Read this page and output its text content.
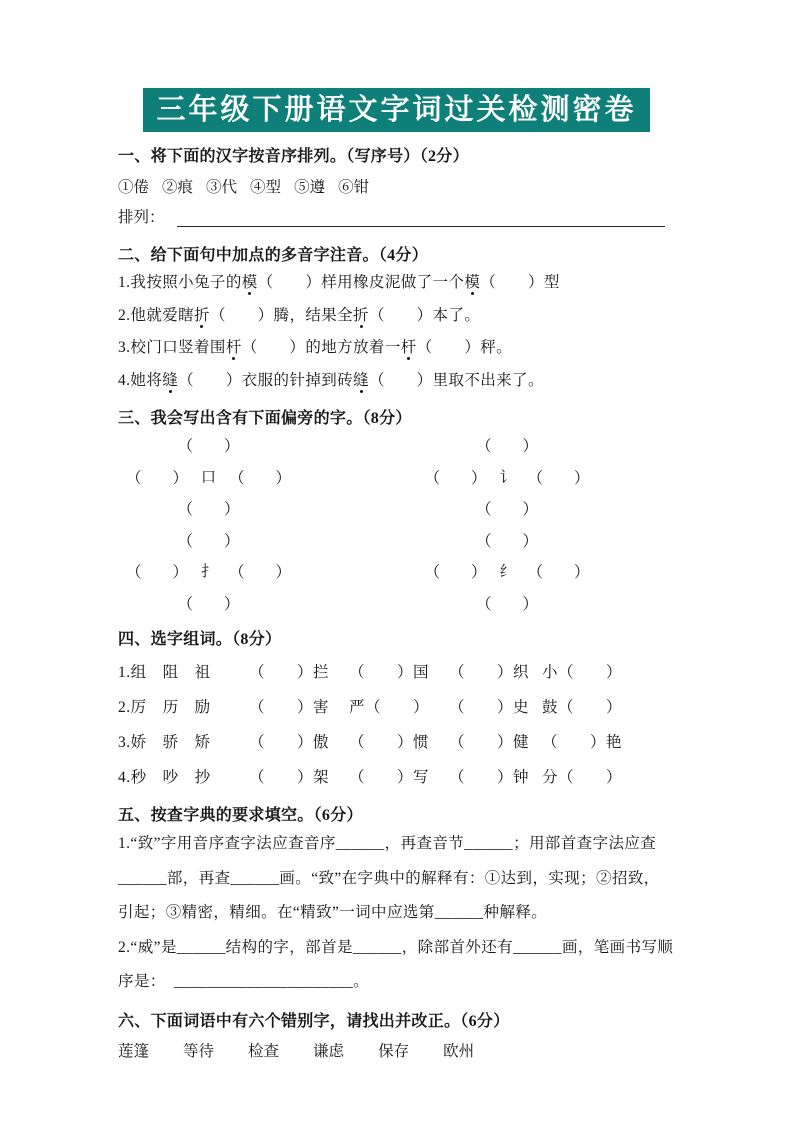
三年级下册语文字词过关检测密卷
一、将下面的汉字按音序排列。（写序号）（2分）
①倦 ②痕 ③代 ④型 ⑤遵 ⑥钳
排列：
二、给下面句中加点的多音字注音。（4分）

1.我按照小兔子的模（　　）样用橡皮泥做了一个模（　　）型

2.他就爱瞎折（　　）腾，结果全折（　　）本了。

3.校门口竖着围杆（　　）的地方放着一杆（　　）秤。

4.她将缝（　　）衣服的针掉到砖缝（　　）里取不出来了。

三、我会写出含有下面偏旁的字。（8分）
（　　）
（　　） 口 （　　）
（　　）
（　　）
（　　） 讠 （　　）
（　　）
（　　）
（　　） 扌 （　　）
（　　）
（　　）
（　　） 纟 （　　）
（　　）
四、选字组词。（8分）
1.组　阻　祖	（　　）拦	（　　）国	（　　）织 小（　　）
2.厉　历　励	（　　）害	严（　　）	（　　）史 鼓（　　）
3.娇　骄　矫	（　　）傲	（　　）惯	（　　）健 （　　）艳
4.秒　吵　抄	（　　）架	（　　）写	（　　）钟 分（　　）
五、按查字典的要求填空。（6分）

1.“致”字用音序查字法应查音序______，再查音节______；用部首查字法应查______部，再查______画。“致”在字典中的解释有：①达到，实现；②招致，引起；③精密，精细。在“精致”一词中应选第______种解释。

2.“威”是______结构的字，部首是______，除部首外还有______画，笔画书写顺序是：　______________________。

六、下面词语中有六个错别字，请找出并改正。（6分）
莲篷 等待 检查 谦虑 保存 欧州
